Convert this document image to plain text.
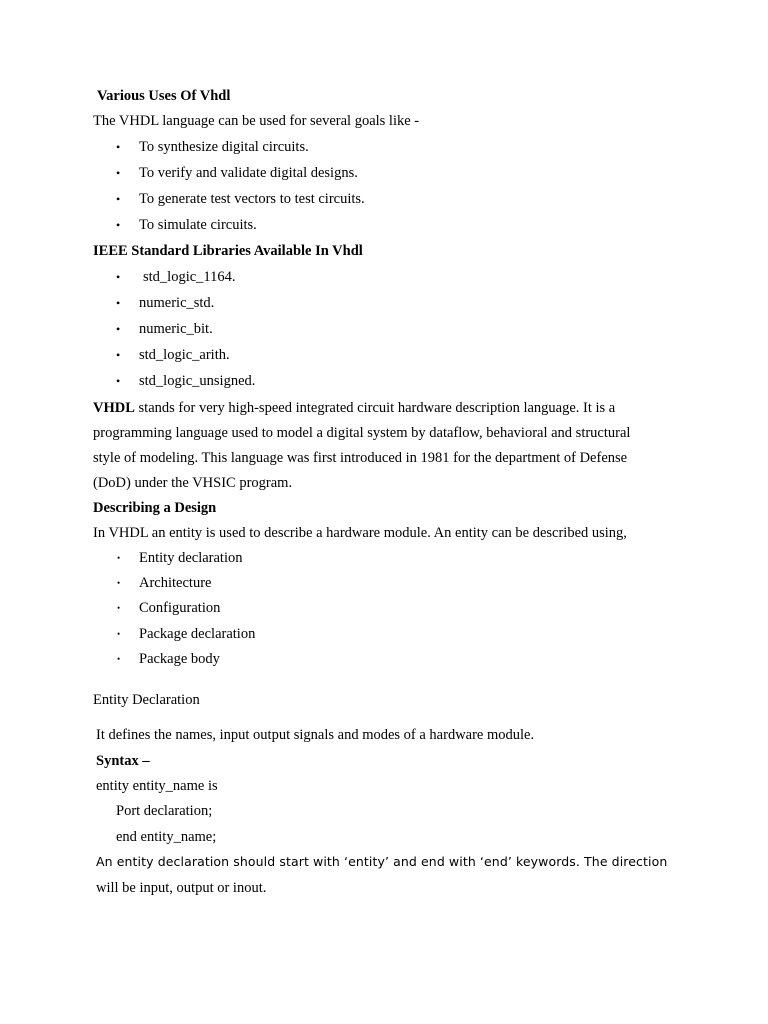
Various Uses Of Vhdl
The VHDL language can be used for several goals like -
• To synthesize digital circuits.
• To verify and validate digital designs.
• To generate test vectors to test circuits.
• To simulate circuits.
IEEE Standard Libraries Available In Vhdl
• std_logic_1164.
• numeric_std.
• numeric_bit.
• std_logic_arith.
• std_logic_unsigned.
VHDL stands for very high-speed integrated circuit hardware description language. It is a
programming language used to model a digital system by dataflow, behavioral and structural
style of modeling. This language was first introduced in 1981 for the department of Defense
(DoD) under the VHSIC program.
Describing a Design
In VHDL an entity is used to describe a hardware module. An entity can be described using,
• Entity declaration
• Architecture
• Configuration
• Package declaration
• Package body
Entity Declaration
It defines the names, input output signals and modes of a hardware module.
Syntax –
entity entity_name is
Port declaration;
end entity_name;
An entity declaration should start with ‘entity’ and end with ‘end’ keywords. The direction
will be input, output or inout.
